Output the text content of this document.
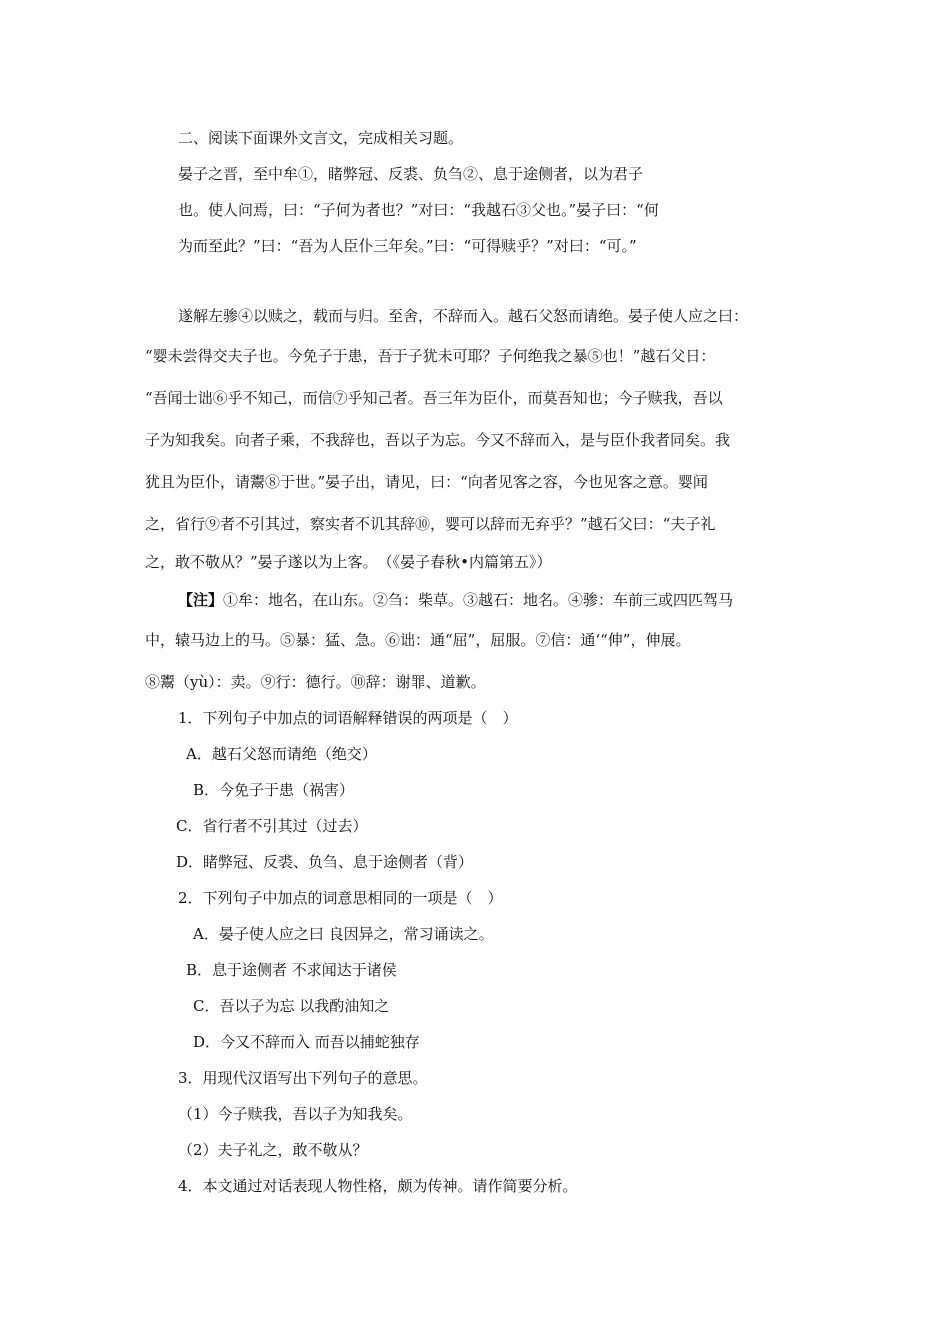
二、阅读下面课外文言文，完成相关习题。
晏子之晋，至中牟①，睹弊冠、反裘、负刍②、息于途侧者，以为君子
也。使人问焉，曰：“子何为者也？”对曰：“我越石③父也。”晏子曰：“何
为而至此？”曰：“吾为人臣仆三年矣。”曰：“可得赎乎？”对曰：“可。”
遂解左骖④以赎之，载而与归。至舍，不辞而入。越石父怒而请绝。晏子使人应之曰：
“婴未尝得交夫子也。今免子于患，吾于子犹未可耶？子何绝我之暴⑤也！”越石父日：
“吾闻士诎⑥乎不知己，而信⑦乎知己者。吾三年为臣仆，而莫吾知也；今子赎我，吾以
子为知我矣。向者子乘，不我辞也，吾以子为忘。今又不辞而入，是与臣仆我者同矣。我
犹且为臣仆，请鬻⑧于世。”晏子出，请见，曰：“向者见客之容，今也见客之意。婴闻
之，省行⑨者不引其过，察实者不讥其辞⑩，婴可以辞而无弃乎？”越石父曰：“夫子礼
之，敢不敬从？”晏子遂以为上客。　（《晏子春秋•内篇第五》）
【注】①牟：地名，在山东。②刍：柴草。③越石：地名。④骖：车前三或四匹驾马
中，辕马边上的马。⑤暴：猛、急。⑥诎：通“屈”，屈服。⑦信：通‘“伸”，伸展。
⑧鬻（yù）：卖。⑨行：德行。⑩辞：谢罪、道歉。
1．下列句子中加点的词语解释错误的两项是（　）
A．越石父怒而请绝（绝交）
B．今免子于患（祸害）
C．省行者不引其过（过去）
D．睹弊冠、反裘、负刍、息于途侧者（背）
2．下列句子中加点的词意思相同的一项是（　）
A．晏子使人应之曰 良因异之，常习诵读之。
B．息于途侧者 不求闻达于诸侯
C．吾以子为忘 以我酌油知之
D．今又不辞而入 而吾以捕蛇独存
3．用现代汉语写出下列句子的意思。
（1）今子赎我，吾以子为知我矣。
（2）夫子礼之，敢不敬从？
4．本文通过对话表现人物性格，颇为传神。请作简要分析。
